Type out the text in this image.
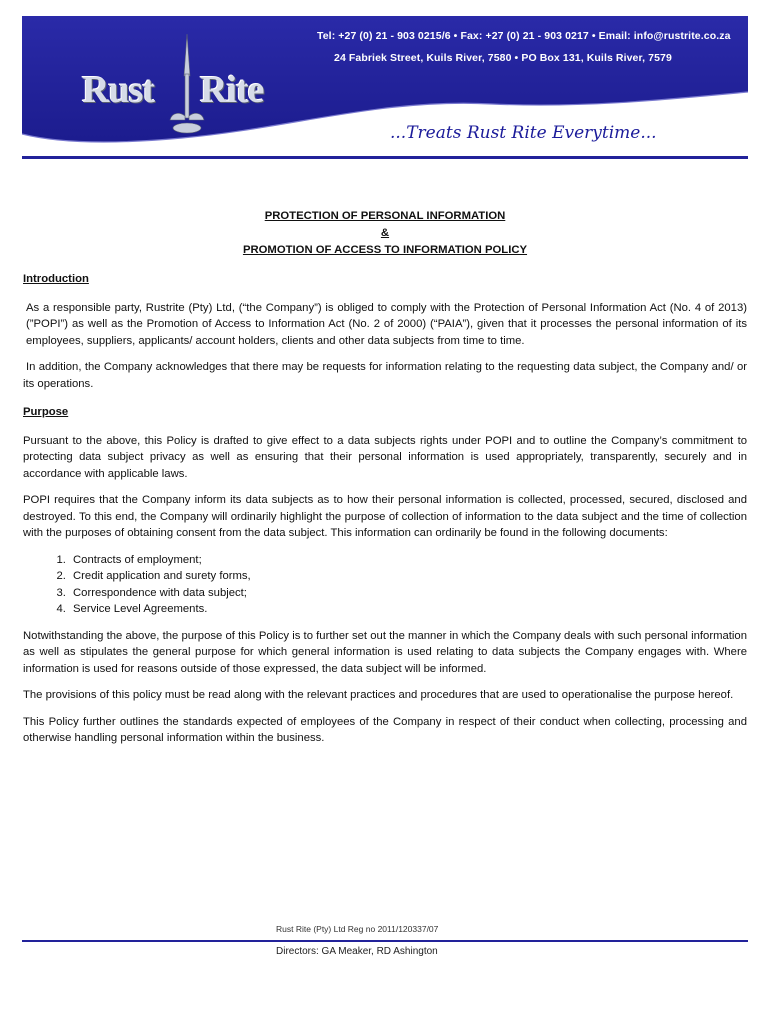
Tel: +27 (0) 21 - 903 0215/6 • Fax: +27 (0) 21 - 903 0217 • Email: info@rustrite.co.za
24 Fabriek Street, Kuils River, 7580 • PO Box 131, Kuils River, 7579
Rust Rite
...Treats Rust Rite Everytime...
PROTECTION OF PERSONAL INFORMATION
&
PROMOTION OF ACCESS TO INFORMATION POLICY
Introduction

As a responsible party, Rustrite (Pty) Ltd, (“the Company”) is obliged to comply with the Protection of Personal Information Act (No. 4 of 2013) (”POPI”) as well as the Promotion of Access to Information Act (No. 2 of 2000) (“PAIA”), given that it processes the personal information of its employees, suppliers, applicants/ account holders, clients and other data subjects from time to time.

In addition, the Company acknowledges that there may be requests for information relating to the requesting data subject, the Company and/ or its operations.

Purpose

Pursuant to the above, this Policy is drafted to give effect to a data subjects rights under POPI and to outline the Company’s commitment to protecting data subject privacy as well as ensuring that their personal information is used appropriately, transparently, securely and in accordance with applicable laws.

POPI requires that the Company inform its data subjects as to how their personal information is collected, processed, secured, disclosed and destroyed. To this end, the Company will ordinarily highlight the purpose of collection of information to the data subject and the time of collection with the purposes of obtaining consent from the data subject. This information can ordinarily be found in the following documents:

1. Contracts of employment;
2. Credit application and surety forms,
3. Correspondence with data subject;
4. Service Level Agreements.

Notwithstanding the above, the purpose of this Policy is to further set out the manner in which the Company deals with such personal information as well as stipulates the general purpose for which general information is used relating to data subjects the Company engages with. Where information is used for reasons outside of those expressed, the data subject will be informed.

The provisions of this policy must be read along with the relevant practices and procedures that are used to operationalise the purpose hereof.

This Policy further outlines the standards expected of employees of the Company in respect of their conduct when collecting, processing and otherwise handling personal information within the business.

Rust Rite (Pty) Ltd Reg no 2011/120337/07
Directors: GA Meaker, RD Ashington
